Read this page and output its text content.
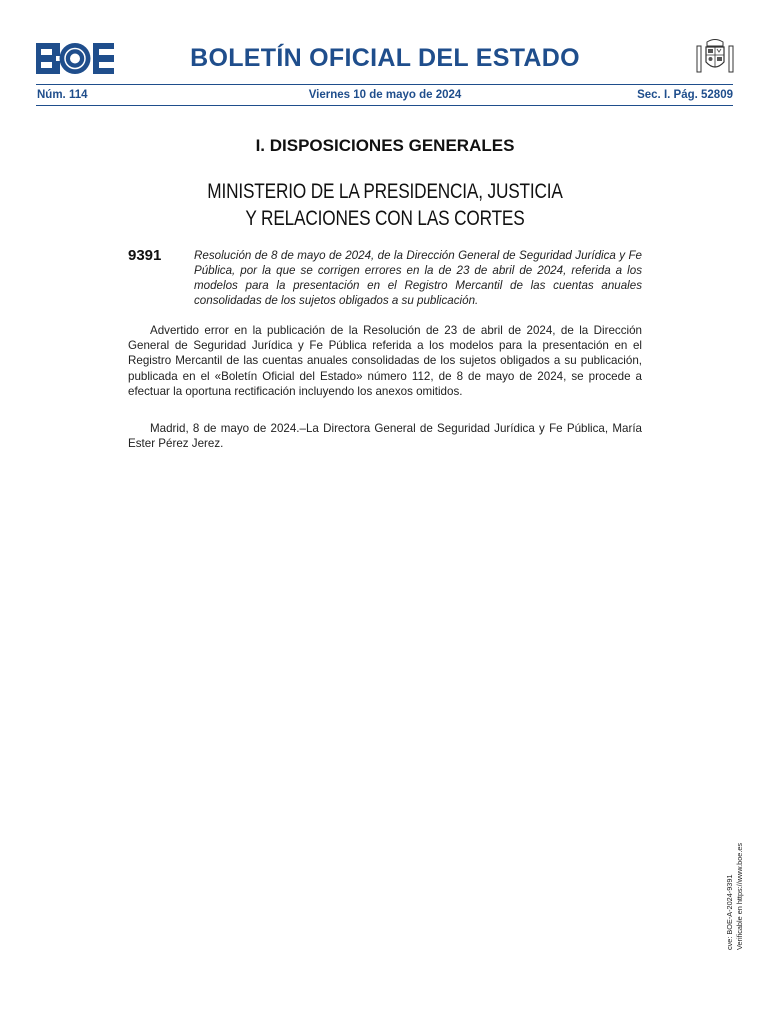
BOLETÍN OFICIAL DEL ESTADO
Núm. 114	Viernes 10 de mayo de 2024	Sec. I. Pág. 52809
I. DISPOSICIONES GENERALES
MINISTERIO DE LA PRESIDENCIA, JUSTICIA
Y RELACIONES CON LAS CORTES
9391	Resolución de 8 de mayo de 2024, de la Dirección General de Seguridad Jurídica y Fe Pública, por la que se corrigen errores en la de 23 de abril de 2024, referida a los modelos para la presentación en el Registro Mercantil de las cuentas anuales consolidadas de los sujetos obligados a su publicación.

Advertido error en la publicación de la Resolución de 23 de abril de 2024, de la Dirección General de Seguridad Jurídica y Fe Pública referida a los modelos para la presentación en el Registro Mercantil de las cuentas anuales consolidadas de los sujetos obligados a su publicación, publicada en el «Boletín Oficial del Estado» número 112, de 8 de mayo de 2024, se procede a efectuar la oportuna rectificación incluyendo los anexos omitidos.

Madrid, 8 de mayo de 2024.–La Directora General de Seguridad Jurídica y Fe Pública, María Ester Pérez Jerez.

cve: BOE-A-2024-9391 Verificable en https://www.boe.es
